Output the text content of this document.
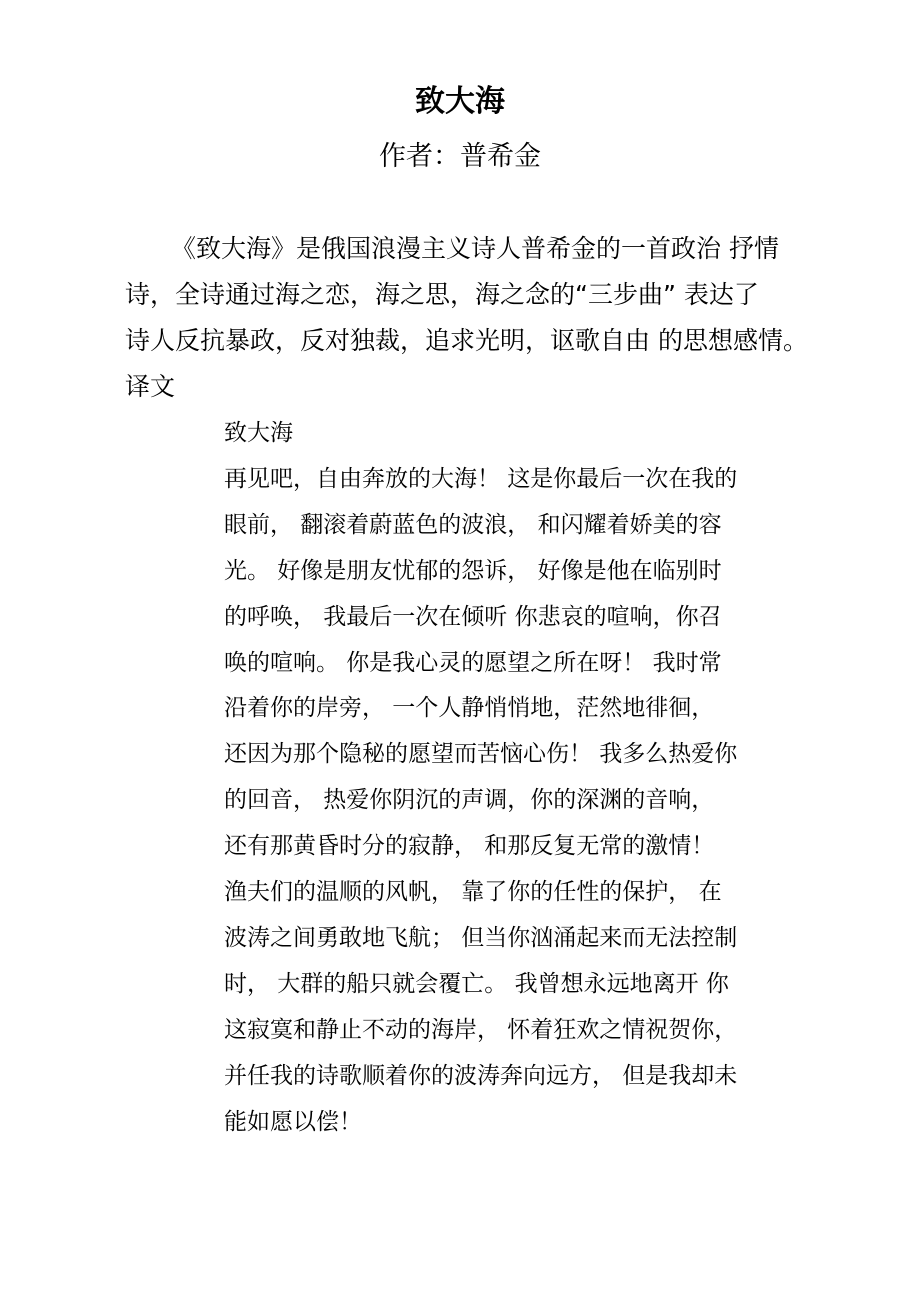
致大海

作者：普希金

《致大海》是俄国浪漫主义诗人普希金的一首政治 抒情
诗，全诗通过海之恋，海之思，海之念的“三步曲” 表达了
诗人反抗暴政，反对独裁，追求光明，讴歌自由 的思想感情。
译文
致大海
再见吧，自由奔放的大海！ 这是你最后一次在我的
眼前， 翻滚着蔚蓝色的波浪， 和闪耀着娇美的容
光。 好像是朋友忧郁的怨诉， 好像是他在临别时
的呼唤， 我最后一次在倾听 你悲哀的喧响，你召
唤的喧响。 你是我心灵的愿望之所在呀！ 我时常
沿着你的岸旁， 一个人静悄悄地，茫然地徘徊，
还因为那个隐秘的愿望而苦恼心伤！ 我多么热爱你
的回音， 热爱你阴沉的声调，你的深渊的音响，
还有那黄昏时分的寂静， 和那反复无常的激情！
渔夫们的温顺的风帆， 靠了你的任性的保护， 在
波涛之间勇敢地飞航； 但当你汹涌起来而无法控制
时， 大群的船只就会覆亡。 我曾想永远地离开 你
这寂寞和静止不动的海岸， 怀着狂欢之情祝贺你，
并任我的诗歌顺着你的波涛奔向远方， 但是我却未
能如愿以偿！
